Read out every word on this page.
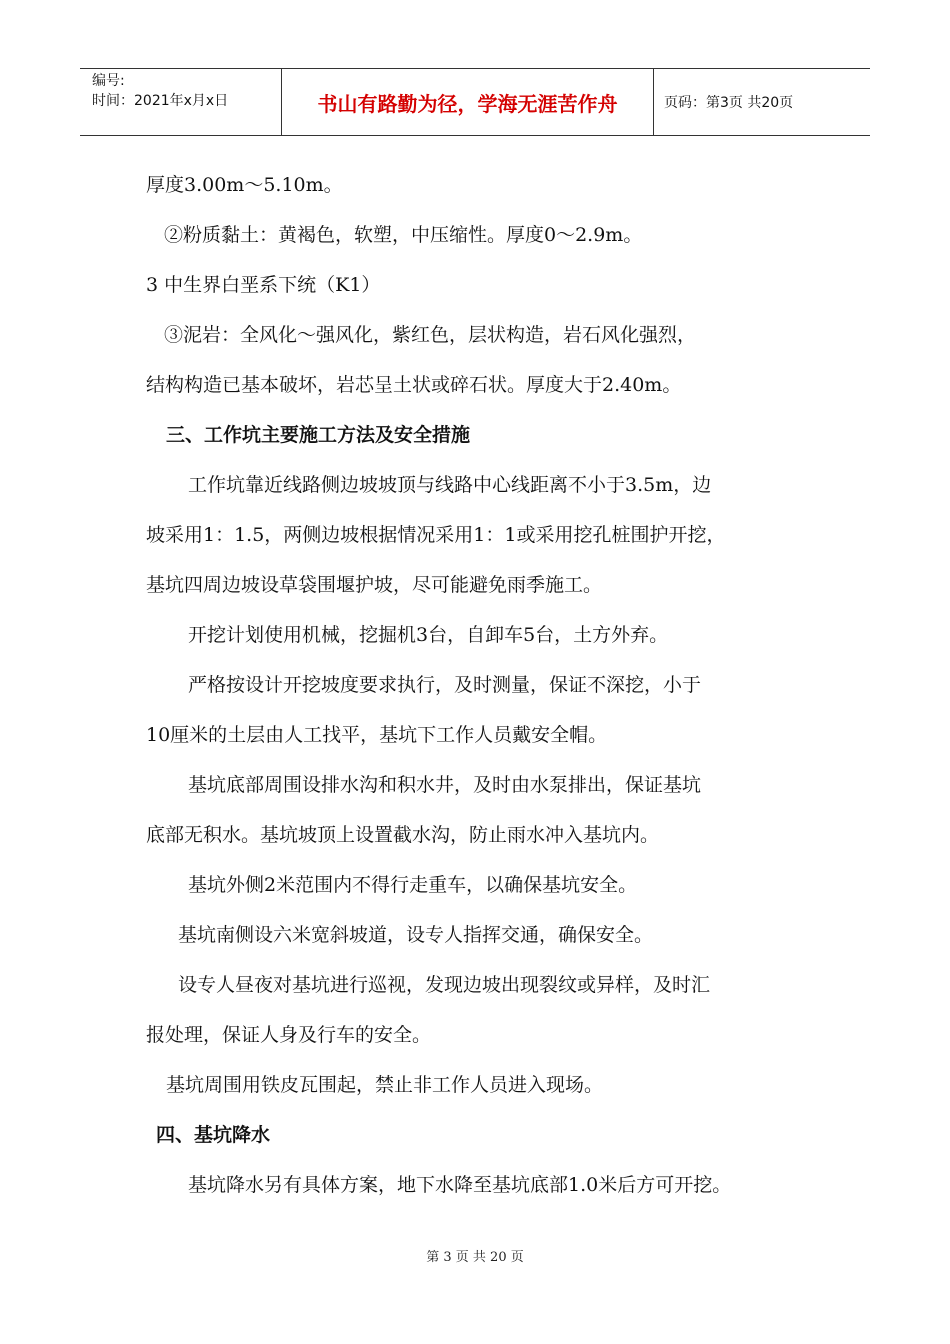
编号:
时间：2021年x月x日	书山有路勤为径，学海无涯苦作舟	页码：第3页 共20页
厚度3.00m～5.10m。
②粉质黏土：黄褐色，软塑，中压缩性。厚度0～2.9m。
3 中生界白垩系下统（K1）
③泥岩：全风化～强风化，紫红色，层状构造，岩石风化强烈，
结构构造已基本破坏，岩芯呈土状或碎石状。厚度大于2.40m。
三、工作坑主要施工方法及安全措施
工作坑靠近线路侧边坡坡顶与线路中心线距离不小于3.5m，边
坡采用1：1.5，两侧边坡根据情况采用1：1或采用挖孔桩围护开挖，
基坑四周边坡设草袋围堰护坡，尽可能避免雨季施工。
开挖计划使用机械，挖掘机3台，自卸车5台，土方外弃。
严格按设计开挖坡度要求执行，及时测量，保证不深挖，小于
10厘米的土层由人工找平，基坑下工作人员戴安全帽。
基坑底部周围设排水沟和积水井，及时由水泵排出，保证基坑
底部无积水。基坑坡顶上设置截水沟，防止雨水冲入基坑内。
基坑外侧2米范围内不得行走重车，以确保基坑安全。
基坑南侧设六米宽斜坡道，设专人指挥交通，确保安全。
设专人昼夜对基坑进行巡视，发现边坡出现裂纹或异样，及时汇
报处理，保证人身及行车的安全。
基坑周围用铁皮瓦围起，禁止非工作人员进入现场。
四、基坑降水
基坑降水另有具体方案，地下水降至基坑底部1.0米后方可开挖。
第 3 页 共 20 页
